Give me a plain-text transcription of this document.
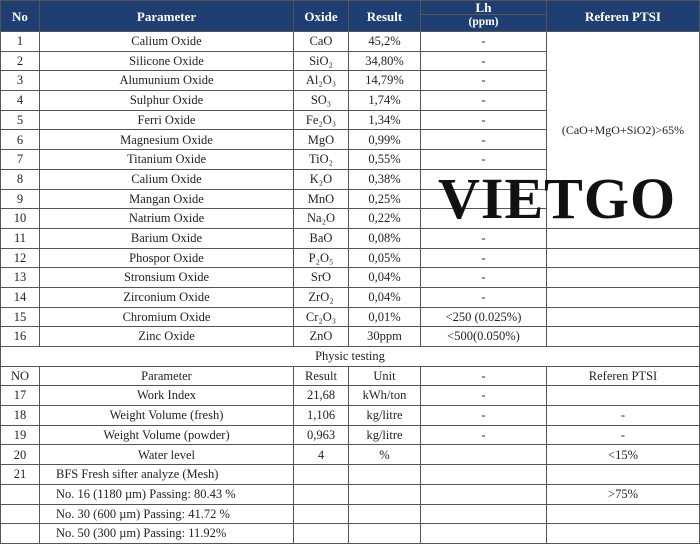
No	Parameter	Oxide	Result	Lh	Referen PTSI
				(ppm)	
1	Calium Oxide	CaO	45,2%	-	(CaO+MgO+SiO2)>65%
2	Silicone Oxide	SiO₂	34,80%	-	
3	Alumunium Oxide	Al₂O₃	14,79%	-	
4	Sulphur Oxide	SO₃	1,74%	-	
5	Ferri Oxide	Fe₂O₃	1,34%	-	
6	Magnesium Oxide	MgO	0,99%	-	
7	Titanium Oxide	TiO₂	0,55%	-	
8	Calium Oxide	K₂O	0,38%		
9	Mangan Oxide	MnO	0,25%		
10	Natrium Oxide	Na₂O	0,22%		
11	Barium Oxide	BaO	0,08%	-	
12	Phospor Oxide	P₂O₅	0,05%	-	
13	Stronsium Oxide	SrO	0,04%	-	
14	Zirconium Oxide	ZrO₂	0,04%	-	
15	Chromium Oxide	Cr₂O₃	0,01%	<250 (0.025%)	
16	Zinc Oxide	ZnO	30ppm	<500(0.050%)	
Physic testing					
NO	Parameter	Result	Unit	-	Referen PTSI
17	Work Index	21,68	kWh/ton	-	
18	Weight Volume (fresh)	1,106	kg/litre	-	-
19	Weight Volume (powder)	0,963	kg/litre	-	-
20	Water level	4	%		<15%
21	BFS Fresh sifter analyze (Mesh)				
	No. 16 (1180 µm) Passing: 80.43 %				>75%
	No. 30 (600 µm) Passing: 41.72 %				
	No. 50 (300 µm) Passing: 11.92%				
VIETGO
